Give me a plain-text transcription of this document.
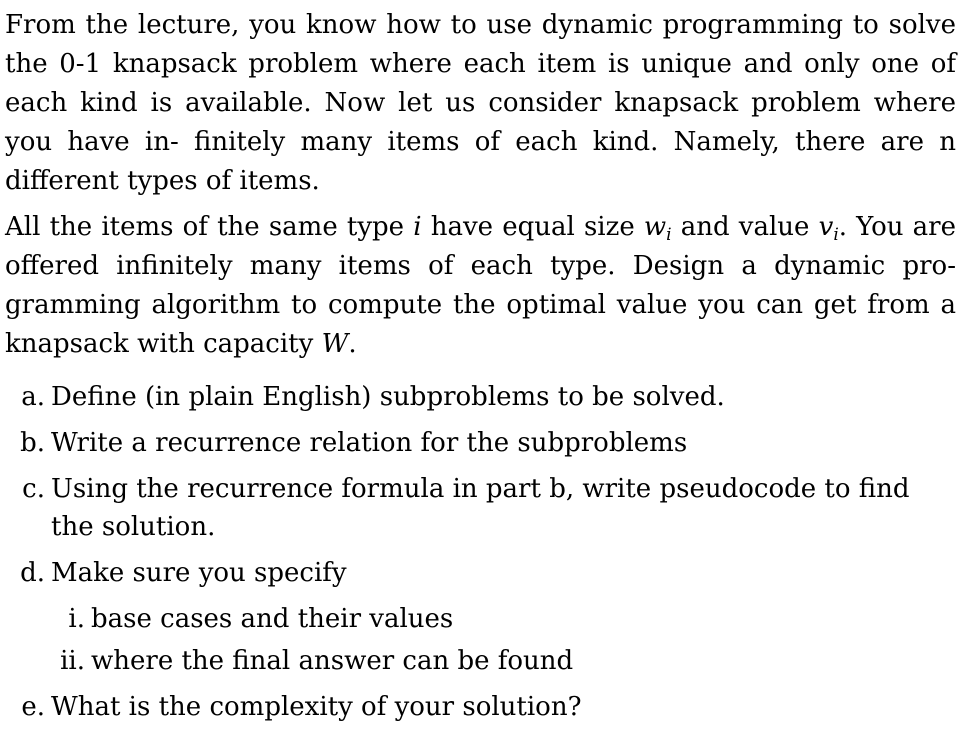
From the lecture, you know how to use dynamic programming to solve the 0-1 knapsack problem where each item is unique and only one of each kind is available. Now let us consider knapsack problem where you have in- finitely many items of each kind. Namely, there are n different types of items.

All the items of the same type i have equal size $w_i$ and value $v_i$. You are offered infinitely many items of each type. Design a dynamic pro- gramming algorithm to compute the optimal value you can get from a knapsack with capacity W.

a. Define (in plain English) subproblems to be solved.
b. Write a recurrence relation for the subproblems
c. Using the recurrence formula in part b, write pseudocode to find the solution.
d. Make sure you specify
i. base cases and their values
ii. where the final answer can be found
e. What is the complexity of your solution?
